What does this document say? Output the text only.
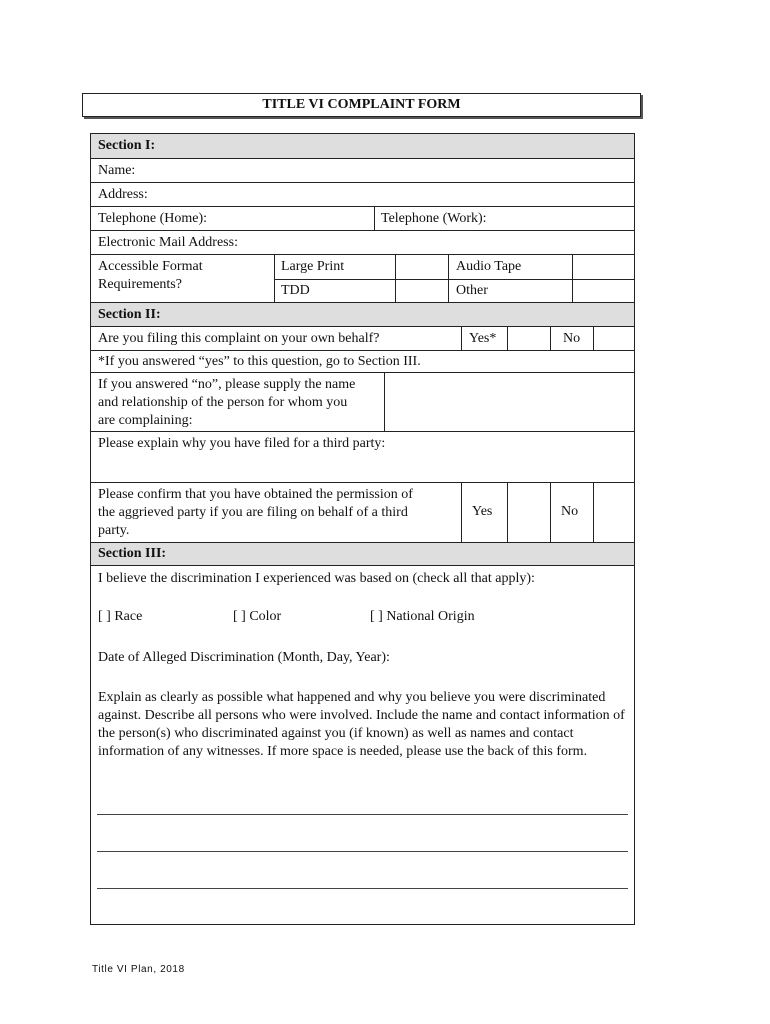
TITLE VI COMPLAINT FORM
Section I:
Name:
Address:
Telephone (Home):	Telephone (Work):
Electronic Mail Address:
Accessible Format
Requirements?
Large Print	Audio Tape
TDD	Other
Section II:
Are you filing this complaint on your own behalf?	Yes*	No
*If you answered “yes” to this question, go to Section III.
If you answered “no”, please supply the name
and relationship of the person for whom you
are complaining:
Please explain why you have filed for a third party:
Please confirm that you have obtained the permission of
the aggrieved party if you are filing on behalf of a third
party.
Yes	No
Section III:
I believe the discrimination I experienced was based on (check all that apply):
[ ] Race	[ ] Color	[ ] National Origin
Date of Alleged Discrimination (Month, Day, Year):
Explain as clearly as possible what happened and why you believe you were discriminated against. Describe all persons who were involved. Include the name and contact information of the person(s) who discriminated against you (if known) as well as names and contact information of any witnesses. If more space is needed, please use the back of this form.
Title VI Plan, 2018
